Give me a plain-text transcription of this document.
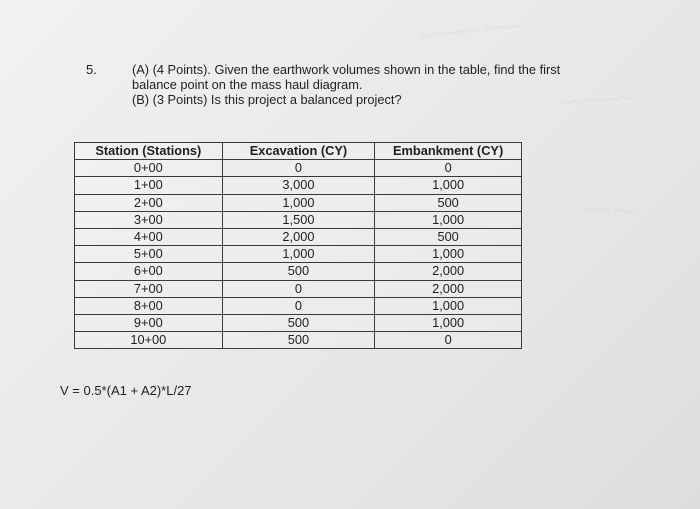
~~~~~ ~~~
~~ ~~~~
~~~ ~~
5.	(A) (4 Points). Given the earthwork volumes shown in the table, find the first
balance point on the mass haul diagram.
(B) (3 Points) Is this project a balanced project?
Station (Stations)	Excavation (CY)	Embankment (CY)
0+00	0	0
1+00	3,000	1,000
2+00	1,000	500
3+00	1,500	1,000
4+00	2,000	500
5+00	1,000	1,000
6+00	500	2,000
7+00	0	2,000
8+00	0	1,000
9+00	500	1,000
10+00	500	0
V = 0.5*(A1 + A2)*L/27
